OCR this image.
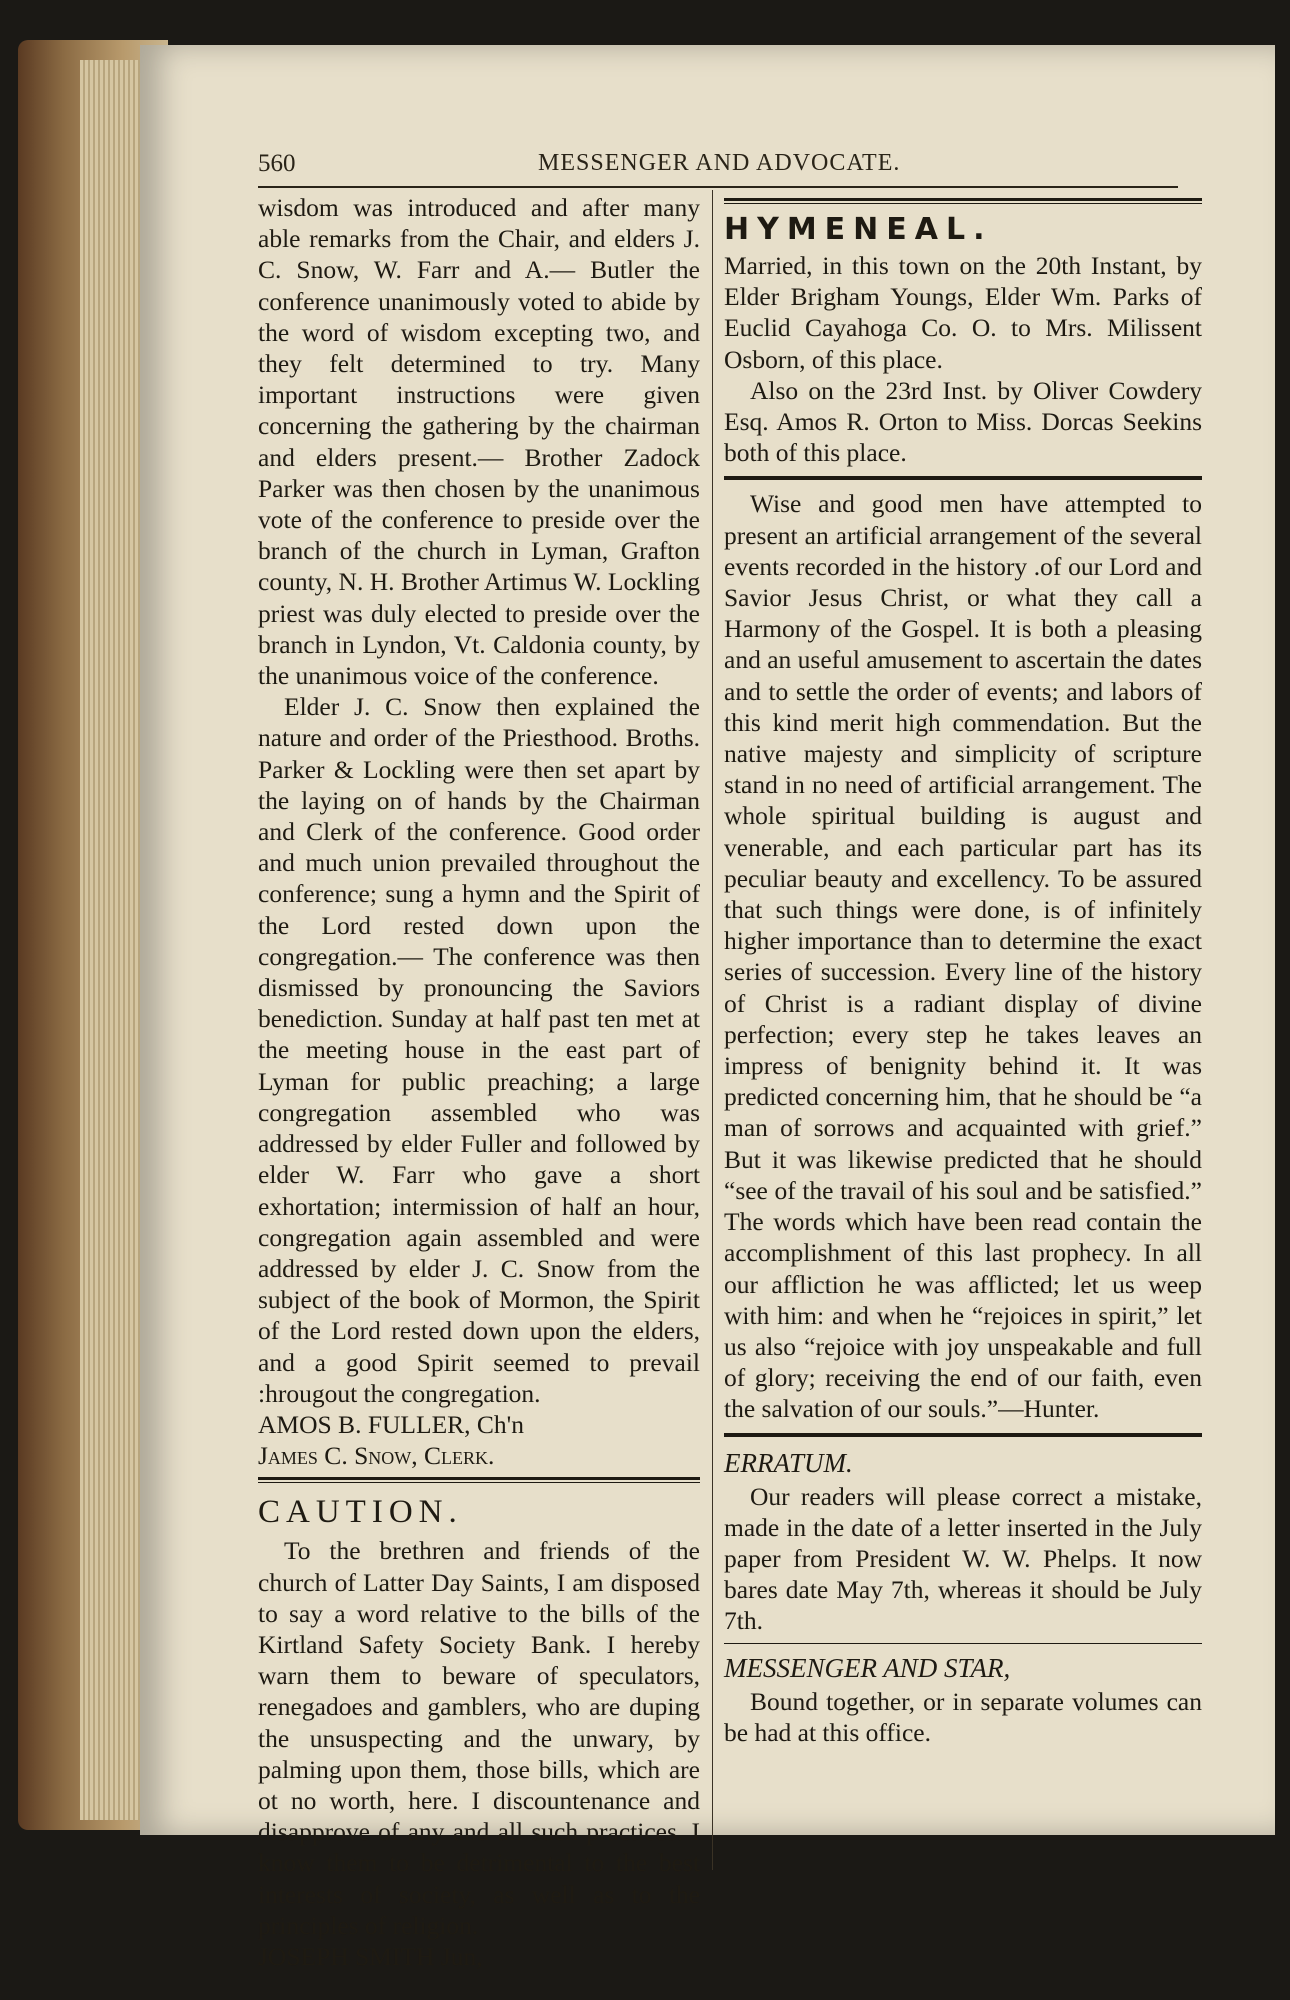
560	MESSENGER AND ADVOCATE.

wisdom was introduced and after many able remarks from the Chair, and elders J. C. Snow, W. Farr and A.— Butler the conference unanimously voted to abide by the word of wisdom excepting two, and they felt determined to try. Many important instructions were given concerning the gathering by the chairman and elders present.— Brother Zadock Parker was then chosen by the unanimous vote of the conference to preside over the branch of the church in Lyman, Grafton county, N. H. Brother Artimus W. Lockling priest was duly elected to preside over the branch in Lyndon, Vt. Caldonia county, by the unanimous voice of the conference.

Elder J. C. Snow then explained the nature and order of the Priesthood. Broths. Parker & Lockling were then set apart by the laying on of hands by the Chairman and Clerk of the conference. Good order and much union prevailed throughout the conference; sung a hymn and the Spirit of the Lord rested down upon the congregation.— The conference was then dismissed by pronouncing the Saviors benediction. Sunday at half past ten met at the meeting house in the east part of Lyman for public preaching; a large congregation assembled who was addressed by elder Fuller and followed by elder W. Farr who gave a short exhortation; intermission of half an hour, congregation again assembled and were addressed by elder J. C. Snow from the subject of the book of Mormon, the Spirit of the Lord rested down upon the elders, and a good Spirit seemed to prevail :hrougout the congregation.

AMOS B. FULLER, Ch'n

James C. Snow, Clerk.

CAUTION.

To the brethren and friends of the church of Latter Day Saints, I am disposed to say a word relative to the bills of the Kirtland Safety Society Bank. I hereby warn them to beware of speculators, renegadoes and gamblers, who are duping the unsuspecting and the unwary, by palming upon them, those bills, which are ot no worth, here. I discountenance and disapprove of any and all such practices. I know them to be detrimental to the best interests of society, as well as to the principles of religion.

JOSEPH SMITH Jun,

HYMENEAL.

Married, in this town on the 20th Instant, by Elder Brigham Youngs, Elder Wm. Parks of Euclid Cayahoga Co. O. to Mrs. Milissent Osborn, of this place.

Also on the 23rd Inst. by Oliver Cowdery Esq. Amos R. Orton to Miss. Dorcas Seekins both of this place.

Wise and good men have attempted to present an artificial arrangement of the several events recorded in the history .of our Lord and Savior Jesus Christ, or what they call a Harmony of the Gospel. It is both a pleasing and an useful amusement to ascertain the dates and to settle the order of events; and labors of this kind merit high commendation. But the native majesty and simplicity of scripture stand in no need of artificial arrangement. The whole spiritual building is august and venerable, and each particular part has its peculiar beauty and excellency. To be assured that such things were done, is of infinitely higher importance than to determine the exact series of succession. Every line of the history of Christ is a radiant display of divine perfection; every step he takes leaves an impress of benignity behind it. It was predicted concerning him, that he should be “a man of sorrows and acquainted with grief.” But it was likewise predicted that he should “see of the travail of his soul and be satisfied.” The words which have been read contain the accomplishment of this last prophecy. In all our affliction he was afflicted; let us weep with him: and when he “rejoices in spirit,” let us also “rejoice with joy unspeakable and full of glory; receiving the end of our faith, even the salvation of our souls.”—Hunter.

ERRATUM.

Our readers will please correct a mistake, made in the date of a letter inserted in the July paper from President W. W. Phelps. It now bares date May 7th, whereas it should be July 7th.

MESSENGER AND STAR,

Bound together, or in separate volumes can be had at this office.
